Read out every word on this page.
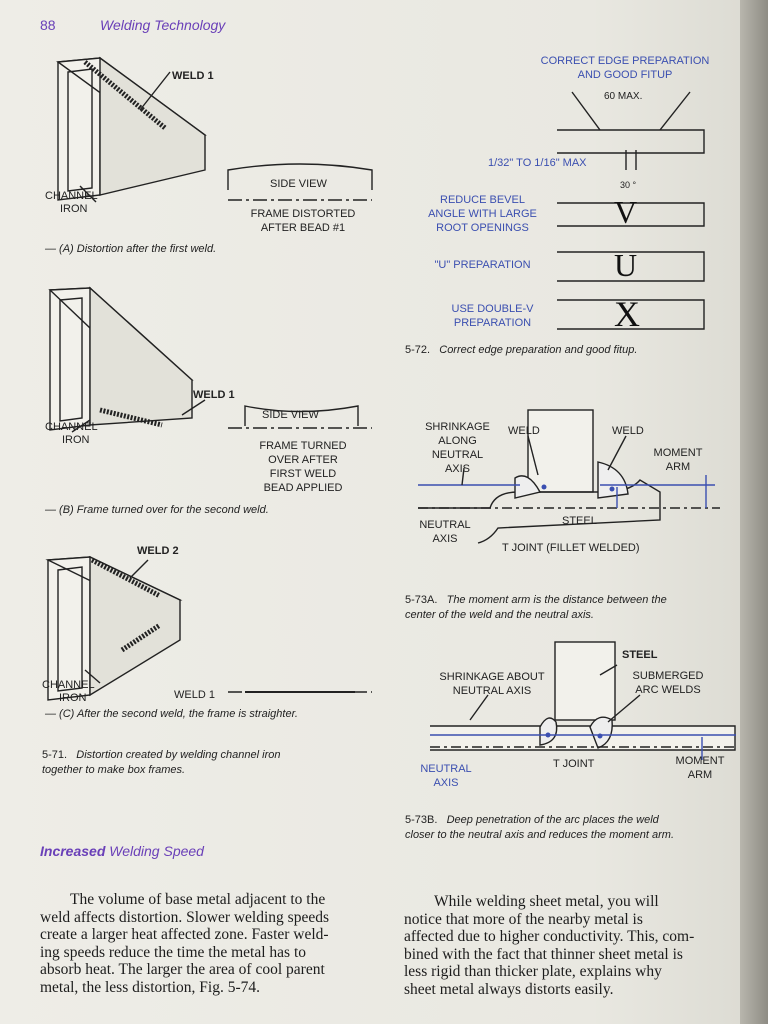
88	Welding Technology
WELD 1
CHANNEL
IRON
SIDE VIEW
FRAME DISTORTED
AFTER BEAD #1
— (A) Distortion after the first weld.
WELD 1
CHANNEL
IRON
SIDE VIEW
FRAME TURNED
OVER AFTER
FIRST WELD
BEAD APPLIED
— (B) Frame turned over for the second weld.
WELD 2
CHANNEL
IRON	WELD 1
— (C) After the second weld, the frame is straighter.
5-71. Distortion created by welding channel iron
together to make box frames.
CORRECT EDGE PREPARATION
AND GOOD FITUP
60 MAX.
1/32" TO 1/16" MAX
30 °
REDUCE BEVEL
ANGLE WITH LARGE
ROOT OPENINGS	V
"U" PREPARATION	U
USE DOUBLE-V
PREPARATION	X
5-72. Correct edge preparation and good fitup.
SHRINKAGE
ALONG
NEUTRAL
AXIS
WELD	WELD
MOMENT
ARM
NEUTRAL
AXIS
STEEL
T JOINT (FILLET WELDED)
5-73A. The moment arm is the distance between the
center of the weld and the neutral axis.
STEEL
SHRINKAGE ABOUT
NEUTRAL AXIS
SUBMERGED
ARC WELDS
NEUTRAL
AXIS
T JOINT	MOMENT
ARM
5-73B. Deep penetration of the arc places the weld
closer to the neutral axis and reduces the moment arm.
Increased Welding Speed
The volume of base metal adjacent to the
weld affects distortion. Slower welding speeds
create a larger heat affected zone. Faster weld-
ing speeds reduce the time the metal has to
absorb heat. The larger the area of cool parent
metal, the less distortion, Fig. 5-74.
While welding sheet metal, you will
notice that more of the nearby metal is
affected due to higher conductivity. This, com-
bined with the fact that thinner sheet metal is
less rigid than thicker plate, explains why
sheet metal always distorts easily.
